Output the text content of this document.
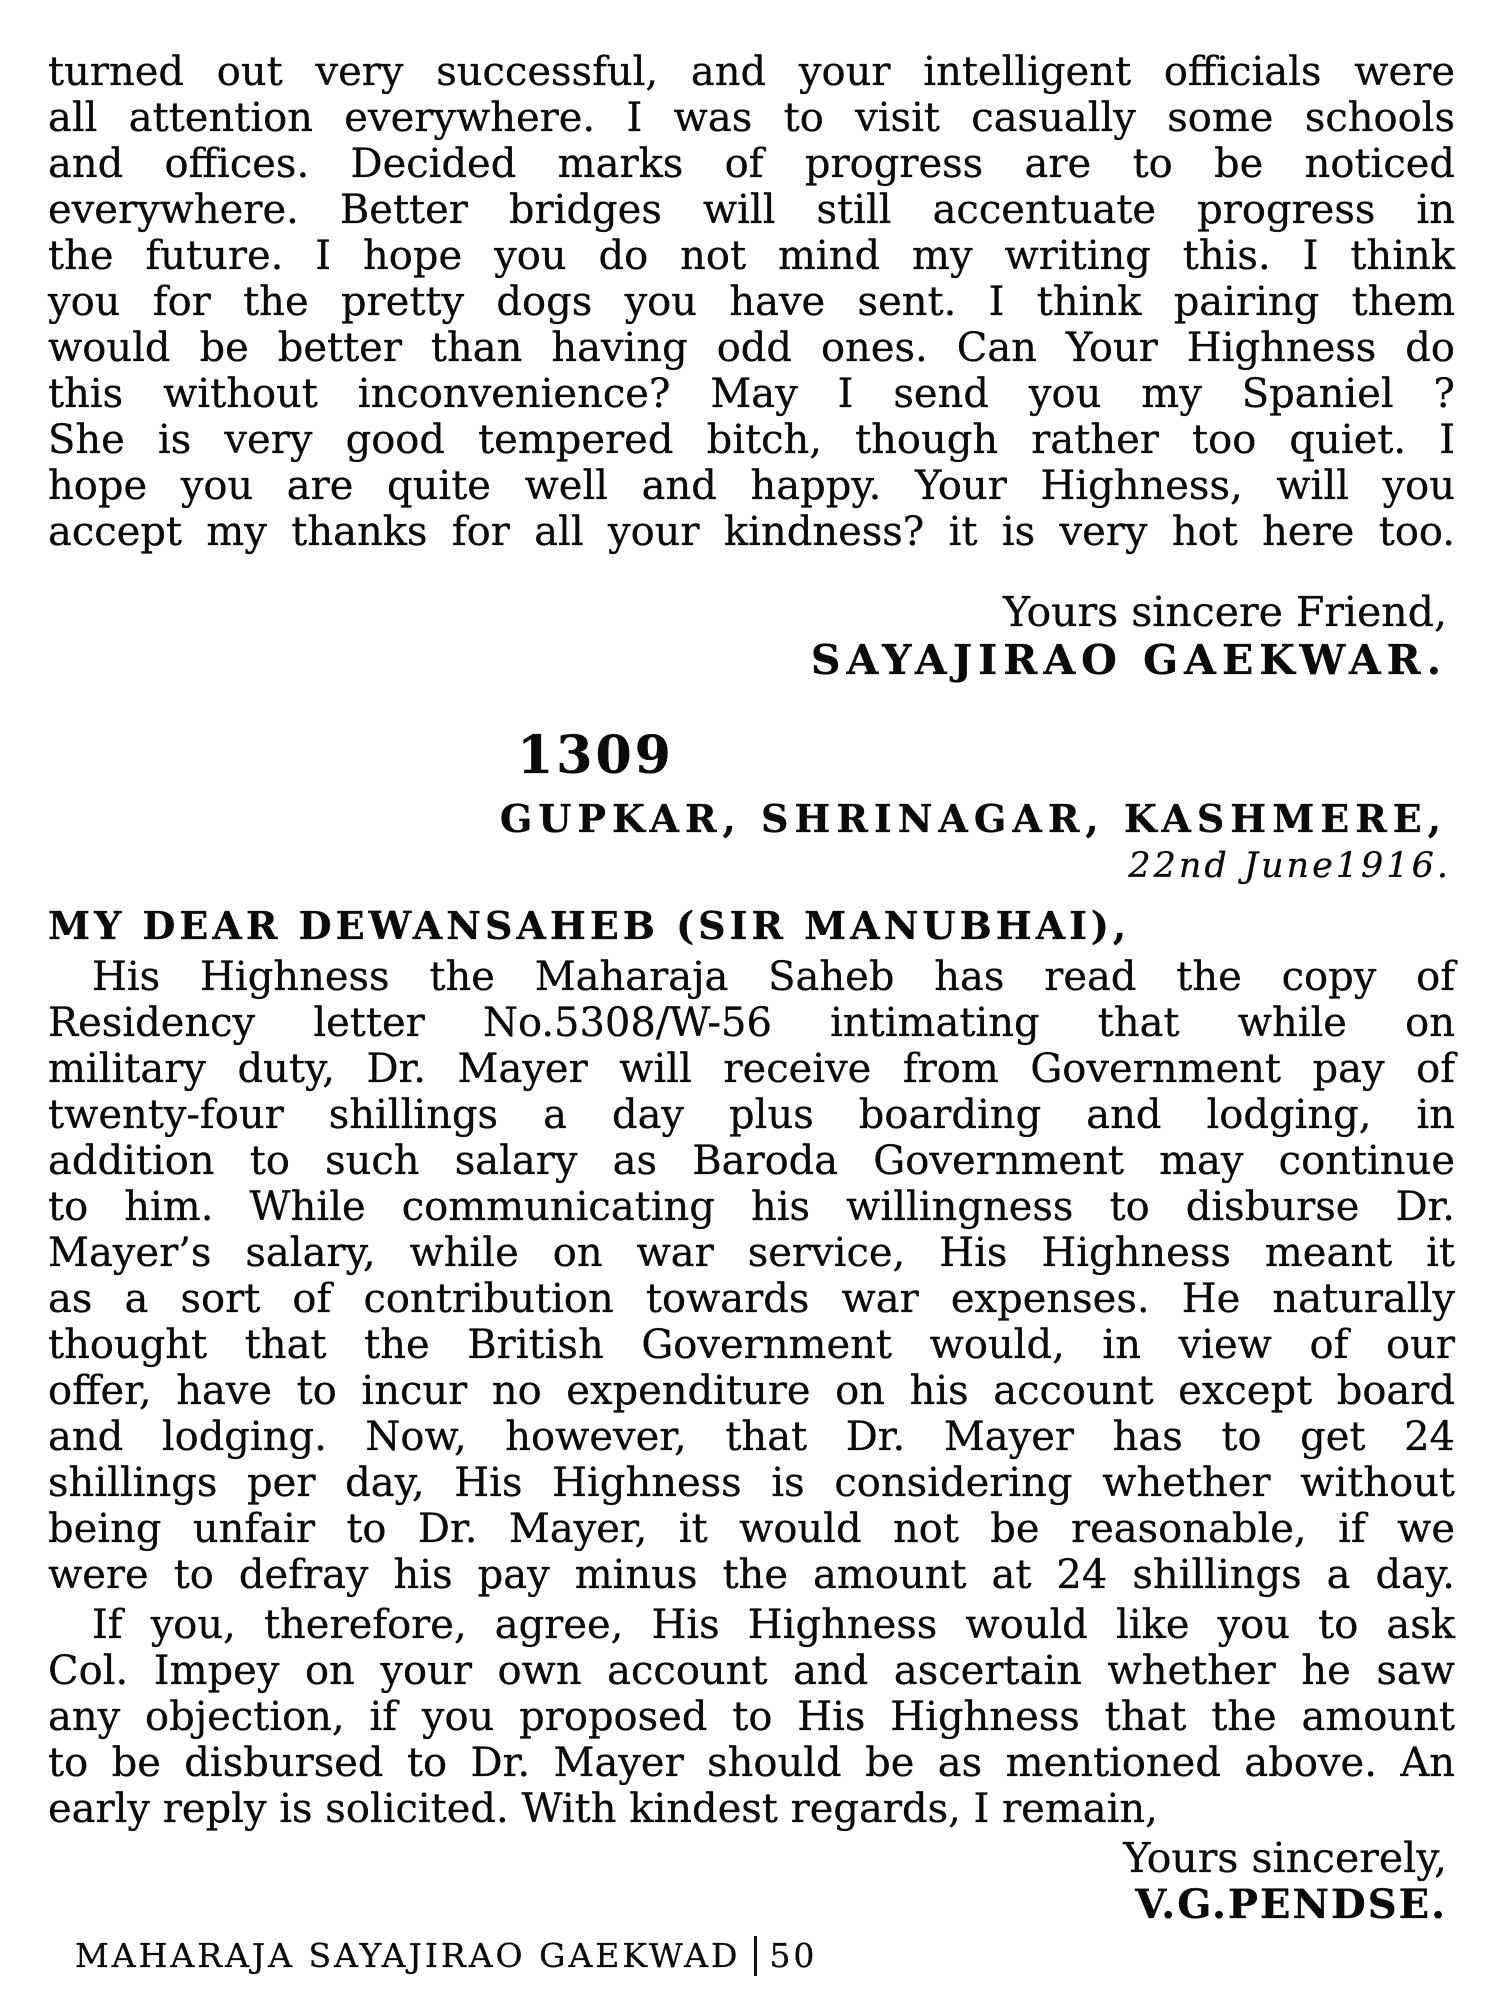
turned out very successful, and your intelligent officials were
all attention everywhere. I was to visit casually some schools
and offices. Decided marks of progress are to be noticed
everywhere. Better bridges will still accentuate progress in
the future. I hope you do not mind my writing this. I think
you for the pretty dogs you have sent. I think pairing them
would be better than having odd ones. Can Your Highness do
this without inconvenience? May I send you my Spaniel ?
She is very good tempered bitch, though rather too quiet. I
hope you are quite well and happy. Your Highness, will you
accept my thanks for all your kindness? it is very hot here too.
Yours sincere Friend,
SAYAJIRAO GAEKWAR.
1309
GUPKAR, SHRINAGAR, KASHMERE,
22nd June1916.
MY DEAR DEWANSAHEB (SIR MANUBHAI),
His Highness the Maharaja Saheb has read the copy of
Residency letter No.5308/W-56 intimating that while on
military duty, Dr. Mayer will receive from Government pay of
twenty-four shillings a day plus boarding and lodging, in
addition to such salary as Baroda Government may continue
to him. While communicating his willingness to disburse Dr.
Mayer’s salary, while on war service, His Highness meant it
as a sort of contribution towards war expenses. He naturally
thought that the British Government would, in view of our
offer, have to incur no expenditure on his account except board
and lodging. Now, however, that Dr. Mayer has to get 24
shillings per day, His Highness is considering whether without
being unfair to Dr. Mayer, it would not be reasonable, if we
were to defray his pay minus the amount at 24 shillings a day.
If you, therefore, agree, His Highness would like you to ask
Col. Impey on your own account and ascertain whether he saw
any objection, if you proposed to His Highness that the amount
to be disbursed to Dr. Mayer should be as mentioned above. An
early reply is solicited. With kindest regards, I remain,
Yours sincerely,
V.G.PENDSE.
MAHARAJA SAYAJIRAO GAEKWAD 50
